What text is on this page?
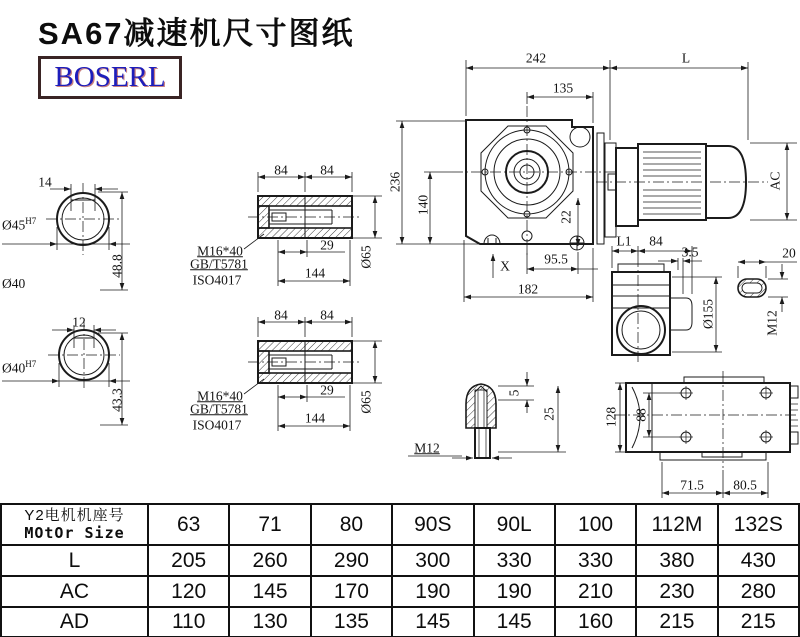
SA67减速机尺寸图纸
BOSERL
14
$Ø45^{H7}$
48.8
Ø40
12
$Ø40^{H7}$
43.3
84 84
29
144
Ø65
M16*40
GB/T5781
ISO4017
84 84
29
144
Ø65
M16*40
GB/T5781
ISO4017
242	L
135
236
140
22
AC
95.5
X
182
L1 84
3.5
Ø155
20
M12
M12
5
25	128 88
71.5 80.5
Y2电机机座号
MOtOr Size	63	71	80	90S	90L	100	112M	132S
L	205	260	290	300	330	330	380	430
AC	120	145	170	190	190	210	230	280
AD	110	130	135	145	145	160	215	215
